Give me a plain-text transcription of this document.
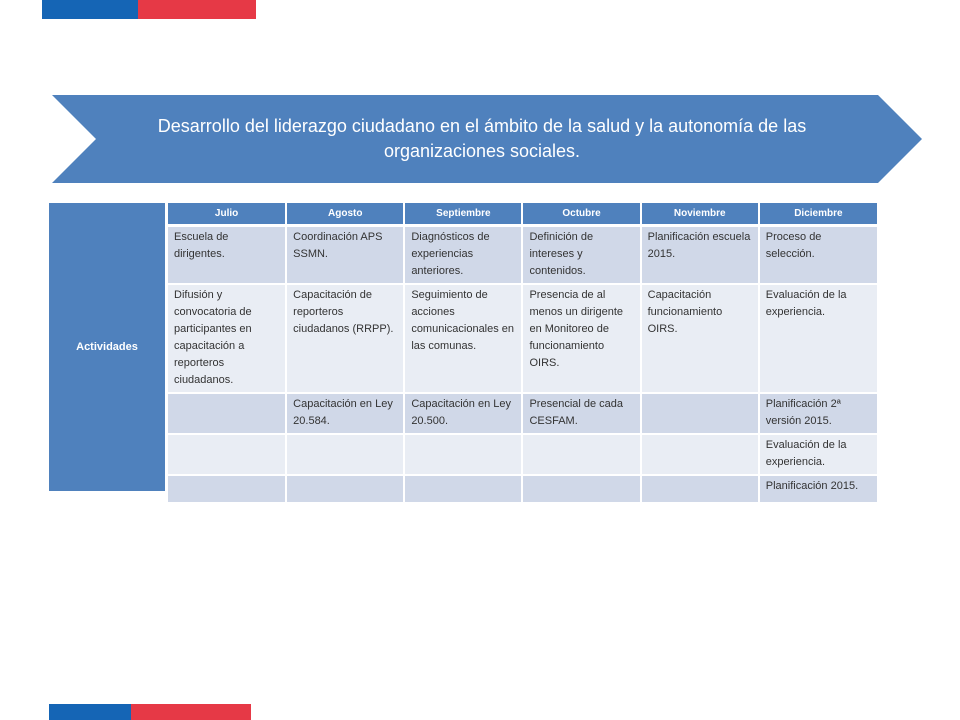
Desarrollo del liderazgo ciudadano en el ámbito de la salud y la autonomía de las organizaciones sociales.
Actividades
Julio	Agosto	Septiembre	Octubre	Noviembre	Diciembre
Escuela de dirigentes.	Coordinación APS SSMN.	Diagnósticos de experiencias anteriores.	Definición de intereses y contenidos.	Planificación escuela 2015.	Proceso de selección.
Difusión y convocatoria de participantes en capacitación a reporteros ciudadanos.	Capacitación de reporteros ciudadanos (RRPP).	Seguimiento de acciones comunicacionales en las comunas.	Presencia de al menos un dirigente en Monitoreo de funcionamiento OIRS.	Capacitación funcionamiento OIRS.	Evaluación de la experiencia.
	Capacitación en Ley 20.584.	Capacitación en Ley 20.500.	Presencial de cada CESFAM.		Planificación 2ª versión 2015.
					Evaluación de la experiencia.
					Planificación 2015.
